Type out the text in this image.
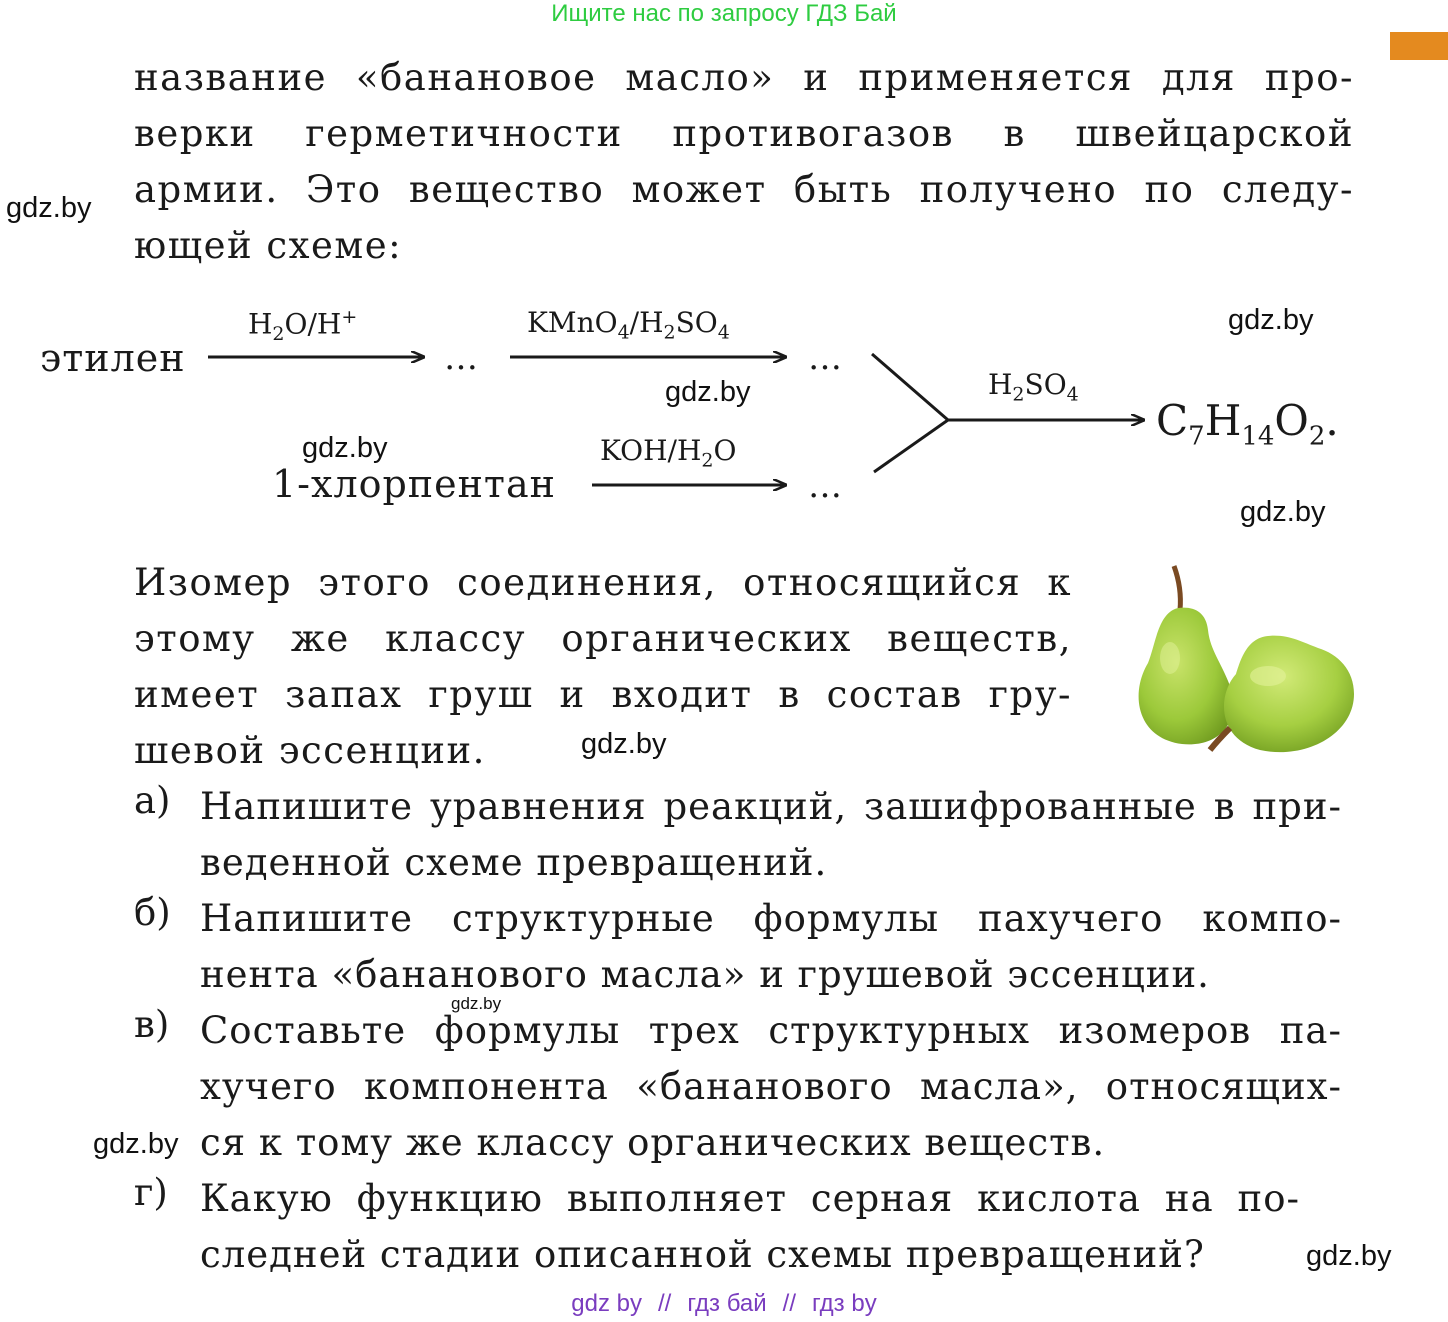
Ищите нас по запросу ГДЗ Бай
название «банановое масло» и применяется для про-
верки герметичности противогазов в швейцарской
армии. Это вещество может быть получено по следу-
ющей схеме:
этилен
$H_2O/H^+$
…
$KMnO_4/H_2SO_4$
…
1-хлорпентан
KOH/$H_2O$
…
$H_2SO_4$
$C_7H_{14}O_2$.
Изомер этого соединения, относящийся к
этому же классу органических веществ,
имеет запах груш и входит в состав гру-
шевой эссенции.
а) Напишите уравнения реакций, зашифрованные в при-
веденной схеме превращений.
б) Напишите структурные формулы пахучего компо-
нента «бананового масла» и грушевой эссенции.
в) Составьте формулы трех структурных изомеров па-
хучего компонента «бананового масла», относящих-
ся к тому же классу органических веществ.
г) Какую функцию выполняет серная кислота на по-
следней стадии описанной схемы превращений?
gdz.by
gdz.by
gdz.by
gdz.by
gdz.by
gdz.by
gdz.by
gdz.by
gdz.by
gdz by // гдз бай // гдз by
